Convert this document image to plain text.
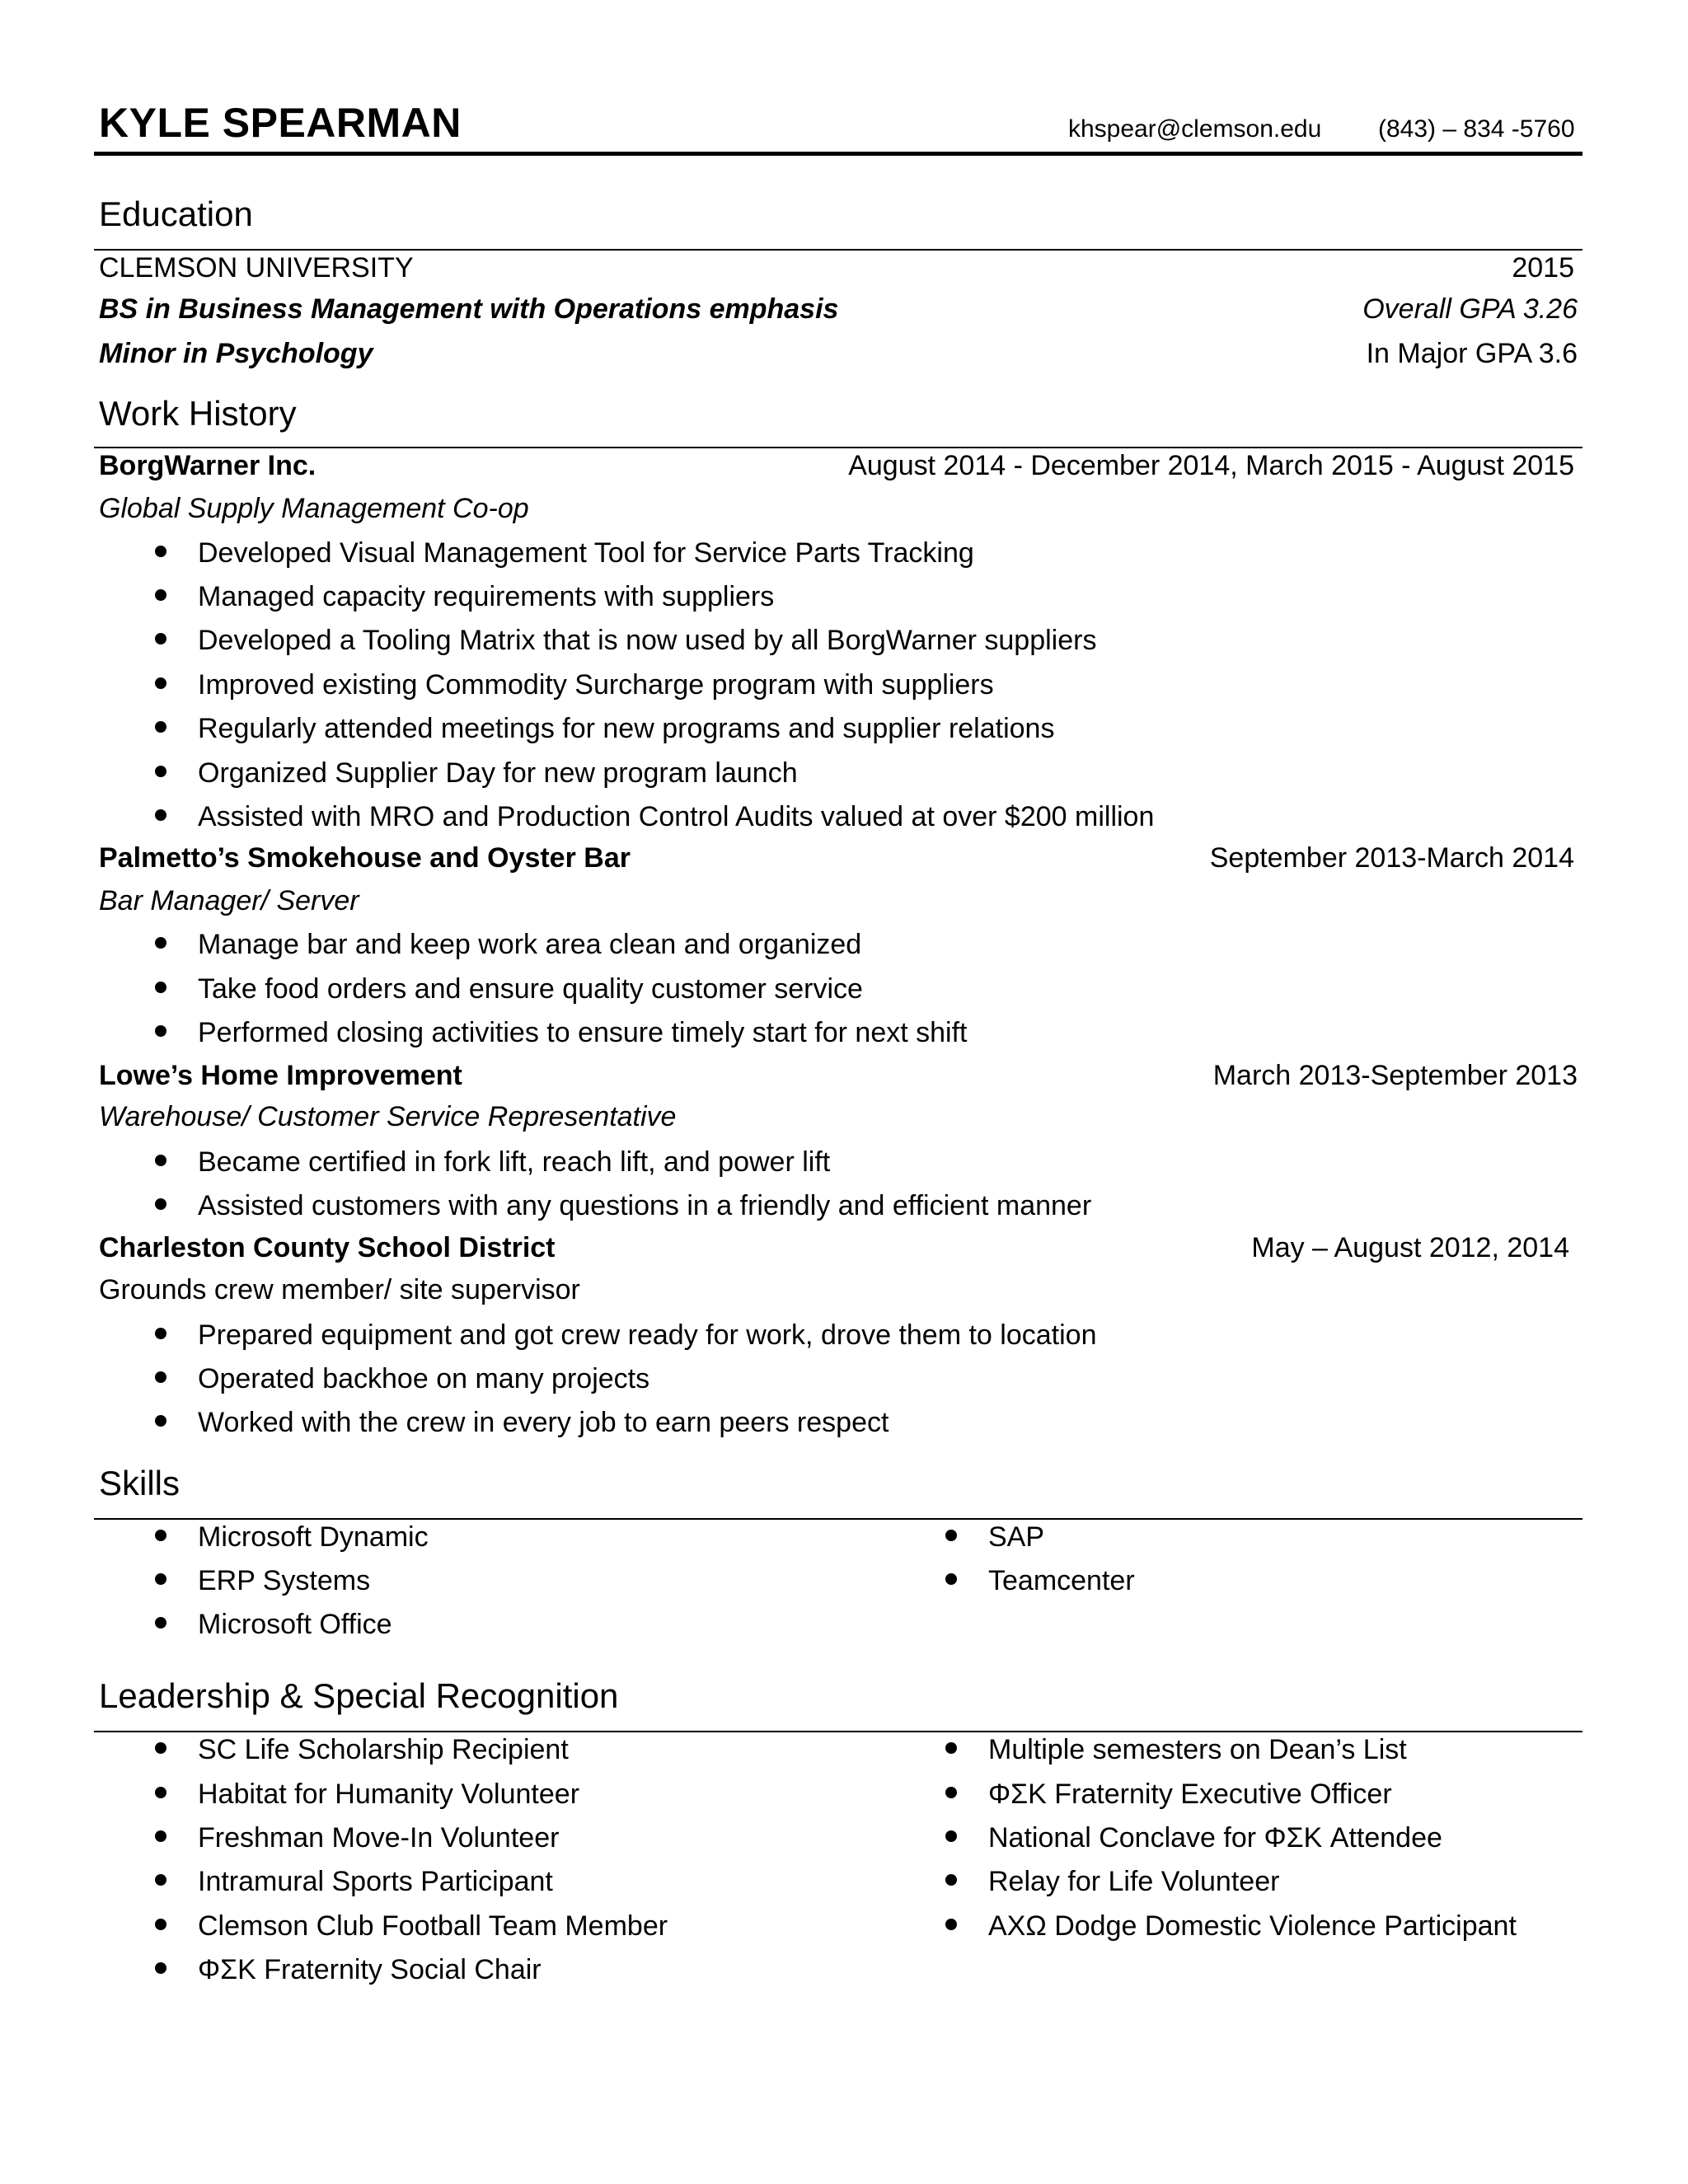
KYLE SPEARMAN	khspear@clemson.edu (843) – 834 -5760
Education
CLEMSON UNIVERSITY	2015
BS in Business Management with Operations emphasis	Overall GPA 3.26
Minor in Psychology	In Major GPA 3.6
Work History
BorgWarner Inc.	August 2014 - December 2014, March 2015 - August 2015
Global Supply Management Co-op
Developed Visual Management Tool for Service Parts Tracking
Managed capacity requirements with suppliers
Developed a Tooling Matrix that is now used by all BorgWarner suppliers
Improved existing Commodity Surcharge program with suppliers
Regularly attended meetings for new programs and supplier relations
Organized Supplier Day for new program launch
Assisted with MRO and Production Control Audits valued at over $200 million
Palmetto’s Smokehouse and Oyster Bar	September 2013-March 2014
Bar Manager/ Server
Manage bar and keep work area clean and organized
Take food orders and ensure quality customer service
Performed closing activities to ensure timely start for next shift
Lowe’s Home Improvement	March 2013-September 2013
Warehouse/ Customer Service Representative
Became certified in fork lift, reach lift, and power lift
Assisted customers with any questions in a friendly and efficient manner
Charleston County School District	May – August 2012, 2014
Grounds crew member/ site supervisor
Prepared equipment and got crew ready for work, drove them to location
Operated backhoe on many projects
Worked with the crew in every job to earn peers respect
Skills
Microsoft Dynamic
ERP Systems
Microsoft Office
SAP
Teamcenter
Leadership & Special Recognition
SC Life Scholarship Recipient
Habitat for Humanity Volunteer
Freshman Move-In Volunteer
Intramural Sports Participant
Clemson Club Football Team Member
ΦΣΚ Fraternity Social Chair
Multiple semesters on Dean’s List
ΦΣΚ Fraternity Executive Officer
National Conclave for ΦΣΚ Attendee
Relay for Life Volunteer
ΑΧΩ Dodge Domestic Violence Participant
